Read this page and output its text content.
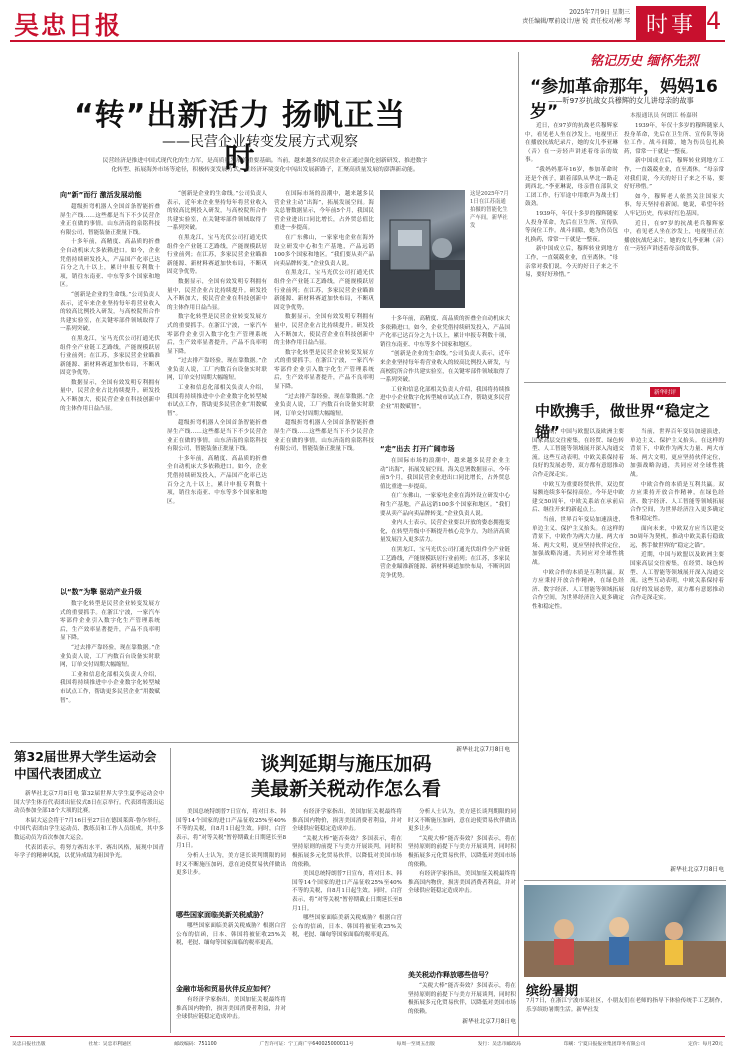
吴忠日报	2025年7月9日 星期三
责任编辑/覃前设计/唐 锐 责任校对/彬 琴 时事 4
“转”出新活力 扬帆正当时
——民营企业转变发展方式观察
民营经济是推进中国式现代化的生力军，是高质量发展的重要基础。当前，越来越多的民营企业正通过强化创新研发、推进数字化转型、拓展海外市场等途径，积极转变发展方式，在经济环境变化中闯出发展新路子，汇聚高质量发展的澎湃新动能。
向“新”而行 激活发展动能

超级折弯机器人全国首条智能折叠屏生产线……这些都是当下不少民营企业正在做的事情。山东济南的泉铭科技有限公司，智能装备正批量下线。

十多年前，高精度、高品质的折叠全自动机床大多依赖进口。如今，企业凭借持续研发投入，产品国产化率已达百分之九十以上，累计申报专利数十项，销往东南亚、中东等多个国家和地区。

“创新是企业的生命线。”公司负责人表示，近年来企业坚持每年将营业收入的较高比例投入研发，与高校院所合作共建实验室，在关键零部件领域取得了一系列突破。

在黑龙江，宝马光伏公司打通光伏组件全产业链工艺路线，产能规模跃居行业前列；在江苏，多家民营企业瞄准新能源、新材料赛道加快布局，不断巩固竞争优势。

数据显示，全国有效发明专利拥有量中，民营企业占比持续提升。研发投入不断加大，使民营企业在科技创新中的主体作用日益凸显。

以“数”为擎 驱动产业升级

数字化转型是民营企业转变发展方式的重要抓手。在浙江宁波，一家汽车零部件企业引入数字化生产管理系统后，生产效率显著提升，产品不良率明显下降。

“过去排产靠经验，现在靠数据。”企业负责人说，工厂内数百台设备实时联网，订单交付周期大幅缩短。

工业和信息化部相关负责人介绍，我国将持续推进中小企业数字化转型城市试点工作，帮助更多民营企业“用数赋智”。

“创新是企业的生命线。”公司负责人表示，近年来企业坚持每年将营业收入的较高比例投入研发，与高校院所合作共建实验室，在关键零部件领域取得了一系列突破。

在黑龙江，宝马光伏公司打通光伏组件全产业链工艺路线，产能规模跃居行业前列；在江苏，多家民营企业瞄准新能源、新材料赛道加快布局，不断巩固竞争优势。

数据显示，全国有效发明专利拥有量中，民营企业占比持续提升。研发投入不断加大，使民营企业在科技创新中的主体作用日益凸显。

数字化转型是民营企业转变发展方式的重要抓手。在浙江宁波，一家汽车零部件企业引入数字化生产管理系统后，生产效率显著提升，产品不良率明显下降。

“过去排产靠经验，现在靠数据。”企业负责人说，工厂内数百台设备实时联网，订单交付周期大幅缩短。

工业和信息化部相关负责人介绍，我国将持续推进中小企业数字化转型城市试点工作，帮助更多民营企业“用数赋智”。

超级折弯机器人全国首条智能折叠屏生产线……这些都是当下不少民营企业正在做的事情。山东济南的泉铭科技有限公司，智能装备正批量下线。

十多年前，高精度、高品质的折叠全自动机床大多依赖进口。如今，企业凭借持续研发投入，产品国产化率已达百分之九十以上，累计申报专利数十项，销往东南亚、中东等多个国家和地区。

在国际市场的浪潮中，越来越多民营企业主动“出海”，拓展发展空间。海关总署数据显示，今年前5个月，我国民营企业进出口同比增长，占外贸总值比重进一步提高。

在广东佛山，一家家电企业在海外设立研发中心和生产基地，产品远销100多个国家和地区。“我们要从卖产品向卖品牌转变。”企业负责人说。

在黑龙江，宝马光伏公司打通光伏组件全产业链工艺路线，产能规模跃居行业前列；在江苏，多家民营企业瞄准新能源、新材料赛道加快布局，不断巩固竞争优势。

数据显示，全国有效发明专利拥有量中，民营企业占比持续提升。研发投入不断加大，使民营企业在科技创新中的主体作用日益凸显。

数字化转型是民营企业转变发展方式的重要抓手。在浙江宁波，一家汽车零部件企业引入数字化生产管理系统后，生产效率显著提升，产品不良率明显下降。

“过去排产靠经验，现在靠数据。”企业负责人说，工厂内数百台设备实时联网，订单交付周期大幅缩短。

超级折弯机器人全国首条智能折叠屏生产线……这些都是当下不少民营企业正在做的事情。山东济南的泉铭科技有限公司，智能装备正批量下线。

这是2025年7月1日在江苏南通拍摄的智能化生产车间。新华社发

十多年前，高精度、高品质的折叠全自动机床大多依赖进口。如今，企业凭借持续研发投入，产品国产化率已达百分之九十以上，累计申报专利数十项，销往东南亚、中东等多个国家和地区。

“创新是企业的生命线。”公司负责人表示，近年来企业坚持每年将营业收入的较高比例投入研发，与高校院所合作共建实验室，在关键零部件领域取得了一系列突破。

工业和信息化部相关负责人介绍，我国将持续推进中小企业数字化转型城市试点工作，帮助更多民营企业“用数赋智”。

“走”出去 打开广阔市场

在国际市场的浪潮中，越来越多民营企业主动“出海”，拓展发展空间。海关总署数据显示，今年前5个月，我国民营企业进出口同比增长，占外贸总值比重进一步提高。

在广东佛山，一家家电企业在海外设立研发中心和生产基地，产品远销100多个国家和地区。“我们要从卖产品向卖品牌转变。”企业负责人说。

业内人士表示，民营企业要以开放的姿态拥抱变化，在转型升级中不断提升核心竞争力，为经济高质量发展注入更多活力。

在黑龙江，宝马光伏公司打通光伏组件全产业链工艺路线，产能规模跃居行业前列；在江苏，多家民营企业瞄准新能源、新材料赛道加快布局，不断巩固竞争优势。

新华社北京7月8日电
铭记历史 缅怀先烈
“参加革命那年，妈妈16岁”
——听97岁抗战女兵穆辉的女儿讲母亲的故事
本报通讯员 何朗江 杨嘉琪

近日，在97岁的抗战老兵穆辉家中，看见老人坐在沙发上，电视里正在播放抗战纪录片，她的女儿李亚琳（音）在一旁轻声讲述着母亲的故事。

“我妈妈那年16岁，参加革命时还是个孩子，跟着部队从华北一路走到西北。”李亚琳说，母亲曾在部队文工团工作，行军途中用歌声为战士们鼓劲。

1939年，年仅十多岁的穆辉随家人投身革命，先后在卫生所、宣传队等岗位工作。战斗间隙，她为伤员包扎换药，常常一干就是一整夜。

新中国成立后，穆辉转业到地方工作，一直兢兢业业，直至离休。“母亲常对我们说，今天的好日子来之不易，要好好珍惜。”

1939年，年仅十多岁的穆辉随家人投身革命，先后在卫生所、宣传队等岗位工作。战斗间隙，她为伤员包扎换药，常常一干就是一整夜。

新中国成立后，穆辉转业到地方工作，一直兢兢业业，直至离休。“母亲常对我们说，今天的好日子来之不易，要好好珍惜。”

如今，穆辉老人依然关注国家大事，每天坚持看新闻。她说，希望年轻人牢记历史，传承好红色基因。

近日，在97岁的抗战老兵穆辉家中，看见老人坐在沙发上，电视里正在播放抗战纪录片，她的女儿李亚琳（音）在一旁轻声讲述着母亲的故事。

新华时评
中欧携手，做世界“稳定之锚”

近期，中国与欧盟以及欧洲主要国家高层交往密集，在经贸、绿色转型、人工智能等领域展开深入沟通交流。这些互动表明，中欧关系保持着良好的发展态势，双方都有意愿推动合作走深走实。

中欧互为重要经贸伙伴，双边贸易额连续多年保持高位。今年是中欧建交50周年，中欧关系站在承前启后、继往开来的新起点上。

当前，世界百年变局加速演进，单边主义、保护主义抬头。在这样的背景下，中欧作为两大力量、两大市场、两大文明，更应坚持伙伴定位，加强战略沟通，共同应对全球性挑战。

中欧合作的本质是互利共赢。双方应秉持开放合作精神，在绿色经济、数字经济、人工智能等领域拓展合作空间，为世界经济注入更多确定性和稳定性。

当前，世界百年变局加速演进，单边主义、保护主义抬头。在这样的背景下，中欧作为两大力量、两大市场、两大文明，更应坚持伙伴定位，加强战略沟通，共同应对全球性挑战。

中欧合作的本质是互利共赢。双方应秉持开放合作精神，在绿色经济、数字经济、人工智能等领域拓展合作空间，为世界经济注入更多确定性和稳定性。

面向未来，中欧双方应当以建交50周年为契机，推动中欧关系行稳致远，携手做世界的“稳定之锚”。

近期，中国与欧盟以及欧洲主要国家高层交往密集，在经贸、绿色转型、人工智能等领域展开深入沟通交流。这些互动表明，中欧关系保持着良好的发展态势，双方都有意愿推动合作走深走实。

新华社北京7月8日电
第32届世界大学生运动会中国代表团成立

新华社北京7月8日电 第32届世界大学生夏季运动会中国大学生体育代表团出征仪式8日在京举行。代表团将派出运动员参加全部18个大项的比赛。

本届大运会将于7月16日至27日在德国莱茵-鲁尔举行。中国代表团由学生运动员、教练员和工作人员组成，其中多数运动员为首次参加大运会。

代表团表示，将努力赛出水平、赛出风格，展现中国青年学子的精神风貌，以优异成绩为祖国争光。

谈判延期与施压加码
美最新关税动作怎么看

美国总统特朗普7日宣布，将对日本、韩国等14个国家的进口产品征收25%至40%不等的关税，自8月1日起生效。同时，白宫表示，将“对等关税”暂停期截止日期延长至8月1日。

分析人士认为，美方延长谈判期限的同时又不断施压加码，意在迫使贸易伙伴做出更多让步。

哪些国家面临美新关税威胁？

哪些国家面临美新关税威胁？根据白宫公布的信函，日本、韩国将被征收25%关税，老挝、缅甸等国家面临的税率更高。

金融市场和贸易伙伴反应如何？

有经济学家指出，美国加征关税最终将推高国内物价，损害美国消费者利益，并对全球供应链稳定造成冲击。

有经济学家指出，美国加征关税最终将推高国内物价，损害美国消费者利益，并对全球供应链稳定造成冲击。

“关税大棒”能否奏效？多国表示，将在坚持原则的前提下与美方开展谈判，同时积极拓展多元化贸易伙伴，以降低对美国市场的依赖。

美国总统特朗普7日宣布，将对日本、韩国等14个国家的进口产品征收25%至40%不等的关税，自8月1日起生效。同时，白宫表示，将“对等关税”暂停期截止日期延长至8月1日。

哪些国家面临美新关税威胁？根据白宫公布的信函，日本、韩国将被征收25%关税，老挝、缅甸等国家面临的税率更高。

分析人士认为，美方延长谈判期限的同时又不断施压加码，意在迫使贸易伙伴做出更多让步。

“关税大棒”能否奏效？多国表示，将在坚持原则的前提下与美方开展谈判，同时积极拓展多元化贸易伙伴，以降低对美国市场的依赖。

有经济学家指出，美国加征关税最终将推高国内物价，损害美国消费者利益，并对全球供应链稳定造成冲击。

美关税动作释放哪些信号？

“关税大棒”能否奏效？多国表示，将在坚持原则的前提下与美方开展谈判，同时积极拓展多元化贸易伙伴，以降低对美国市场的依赖。

新华社北京7月8日电
缤纷暑期
7月7日，在浙江宁波市某社区，小朋友们在老师的指导下体验传统手工艺制作，乐享缤纷暑期生活。新华社发
吴忠日报社出版	社址：吴忠市利通区	邮政编码：751100	广告许可证：宁工商广字640025000011号	每周一至周五出版	发行：吴忠市邮政局	印刷：宁夏日报报业集团印务有限公司	定价：每月20元
